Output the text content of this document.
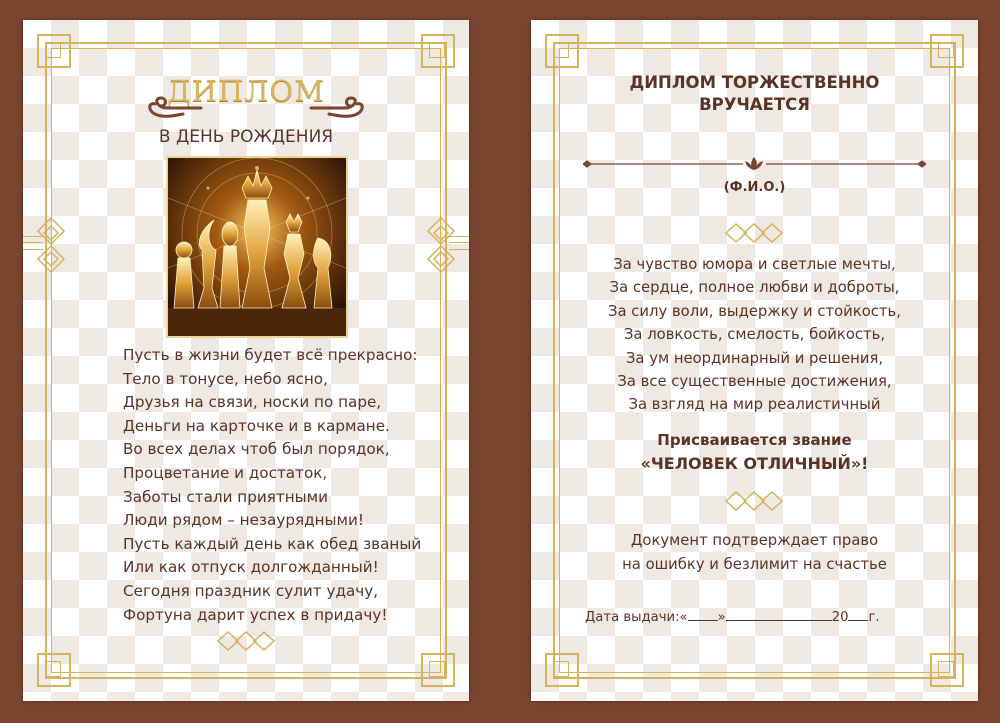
ДИПЛОМ
В ДЕНЬ РОЖДЕНИЯ
Пусть в жизни будет всё прекрасно:
Тело в тонусе, небо ясно,
Друзья на связи, носки по паре,
Деньги на карточке и в кармане.
Во всех делах чтоб был порядок,
Процветание и достаток,
Заботы стали приятными
Люди рядом – незаурядными!
Пусть каждый день как обед званый
Или как отпуск долгожданный!
Сегодня праздник сулит удачу,
Фортуна дарит успех в придачу!
ДИПЛОМ ТОРЖЕСТВЕННО
ВРУЧАЕТСЯ
(Ф.И.О.)
За чувство юмора и светлые мечты,
За сердце, полное любви и доброты,
За силу воли, выдержку и стойкость,
За ловкость, смелость, бойкость,
За ум неординарный и решения,
За все существенные достижения,
За взгляд на мир реалистичный
Присваивается звание
«ЧЕЛОВЕК ОТЛИЧНЫЙ»!
Документ подтверждает право
на ошибку и безлимит на счастье
Дата выдачи:« »	20 г.
